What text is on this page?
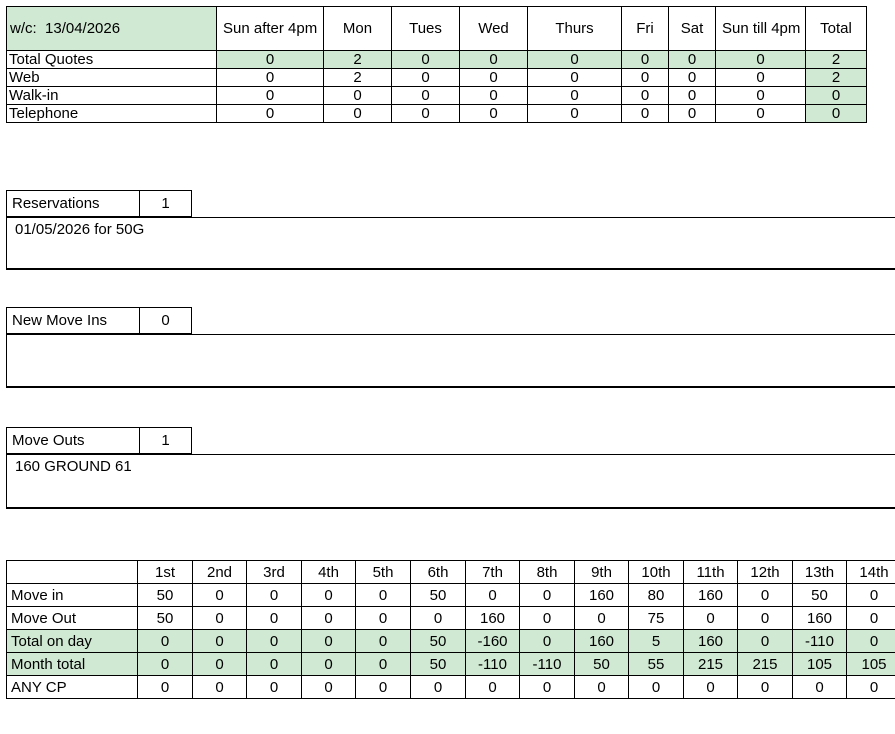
w/c: 13/04/2026	Sun after 4pm	Mon	Tues	Wed	Thurs	Fri	Sat	Sun till 4pm	Total
Total Quotes	0	2	0	0	0	0	0	0	2
Web	0	2	0	0	0	0	0	0	2
Walk-in	0	0	0	0	0	0	0	0	0
Telephone	0	0	0	0	0	0	0	0	0
Reservations	1
01/05/2026 for 50G
New Move Ins	0
Move Outs	1
160 GROUND 61
	1st	2nd	3rd	4th	5th	6th	7th	8th	9th	10th	11th	12th	13th	14th	
Move in	50	0	0	0	0	50	0	0	160	80	160	0	50	0	
Move Out	50	0	0	0	0	0	160	0	0	75	0	0	160	0	
Total on day	0	0	0	0	0	50	-160	0	160	5	160	0	-110	0	
Month total	0	0	0	0	0	50	-110	-110	50	55	215	215	105	105	
ANY CP	0	0	0	0	0	0	0	0	0	0	0	0	0	0	
